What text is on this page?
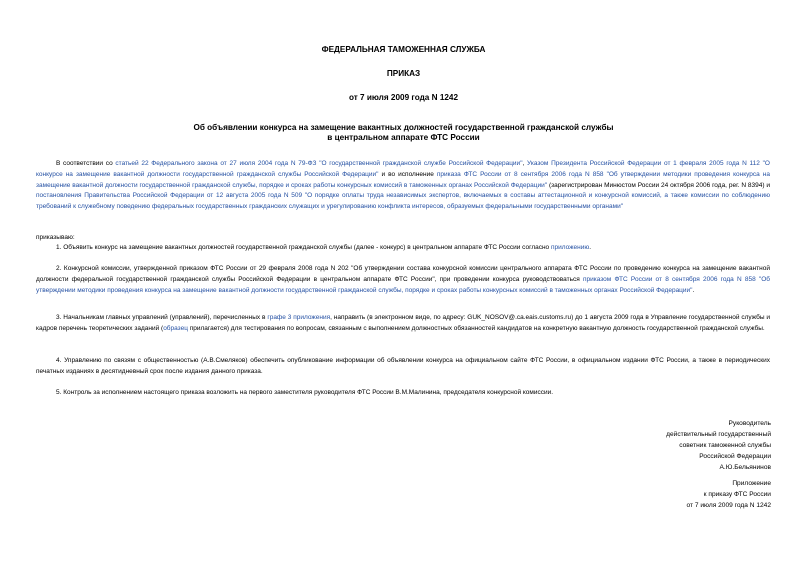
ФЕДЕРАЛЬНАЯ ТАМОЖЕННАЯ СЛУЖБА

ПРИКАЗ

от 7 июля 2009 года N 1242

Об объявлении конкурса на замещение вакантных должностей государственной гражданской службы
в центральном аппарате ФТС России

В соответствии со статьей 22 Федерального закона от 27 июля 2004 года N 79-ФЗ "О государственной гражданской службе Российской Федерации", Указом Президента Российской Федерации от 1 февраля 2005 года N 112 "О конкурсе на замещение вакантной должности государственной гражданской службы Российской Федерации" и во исполнение приказа ФТС России от 8 сентября 2006 года N 858 "Об утверждении методики проведения конкурса на замещение вакантной должности государственной гражданской службы, порядке и сроках работы конкурсных комиссий в таможенных органах Российской Федерации" (зарегистрирован Минюстом России 24 октября 2006 года, рег. N 8394) и постановления Правительства Российской Федерации от 12 августа 2005 года N 509 "О порядке оплаты труда независимых экспертов, включаемых в составы аттестационной и конкурсной комиссий, а также комиссии по соблюдению требований к служебному поведению федеральных государственных гражданских служащих и урегулированию конфликта интересов, образуемых федеральными государственными органами"

приказываю:

1. Объявить конкурс на замещение вакантных должностей государственной гражданской службы (далее - конкурс) в центральном аппарате ФТС России согласно приложению.

2. Конкурсной комиссии, утвержденной приказом ФТС России от 29 февраля 2008 года N 202 "Об утверждении состава конкурсной комиссии центрального аппарата ФТС России по проведению конкурса на замещение вакантной должности федеральной государственной гражданской службы Российской Федерации в центральном аппарате ФТС России", при проведении конкурса руководствоваться приказом ФТС России от 8 сентября 2006 года N 858 "Об утверждении методики проведения конкурса на замещение вакантной должности государственной гражданской службы, порядке и сроках работы конкурсных комиссий в таможенных органах Российской Федерации".

3. Начальникам главных управлений (управлений), перечисленных в графе 3 приложения, направить (в электронном виде, по адресу: GUK_NOSOV@.ca.eais.customs.ru) до 1 августа 2009 года в Управление государственной службы и кадров перечень теоретических заданий (образец прилагается) для тестирования по вопросам, связанным с выполнением должностных обязанностей кандидатов на конкретную вакантную должность государственной гражданской службы.

4. Управлению по связям с общественностью (А.В.Смеляков) обеспечить опубликование информации об объявлении конкурса на официальном сайте ФТС России, в официальном издании ФТС России, а также в периодических печатных изданиях в десятидневный срок после издания данного приказа.

5. Контроль за исполнением настоящего приказа возложить на первого заместителя руководителя ФТС России В.М.Малинина, председателя конкурсной комиссии.

Руководитель
действительный государственный
советник таможенной службы
Российской Федерации
А.Ю.Бельянинов

Приложение
к приказу ФТС России
от 7 июля 2009 года N 1242
